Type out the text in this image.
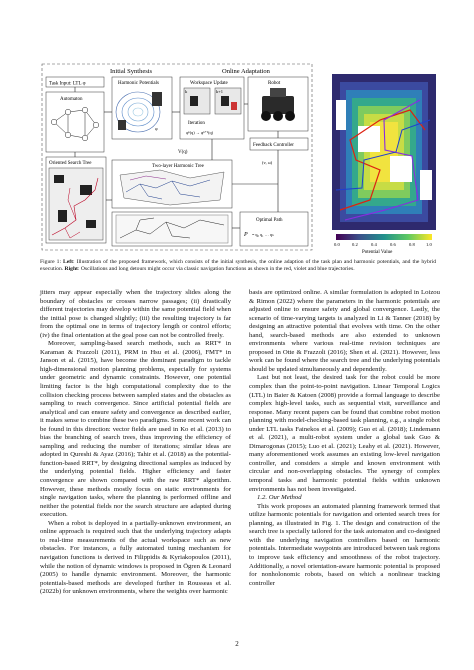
Initial Synthesis	Online Adaptation
Task Input: LTL φ
Automaton
Harmonic Potentials
φ
V(q)
Oriented Search Tree
Two-layer Harmonic Tree
Workspace Update
k	k+1
Iteration
φᵏ(q) → φᵏ⁺¹(q)
Robot
Feedback Controller
(v, ω)
Optimal Path
P = q₀ q₁ … qₙ
0.0	0.2	0.4	0.6	0.8 1.0
Potential Value
Figure 1: Left: Illustration of the proposed framework, which consists of the initial synthesis, the online adaption of the task plan and harmonic potentials, and the hybrid execution. Right: Oscillations and long detours might occur via classic navigation functions as shown in the red, violet and blue trajectories.

jitters may appear especially when the trajectory slides along the boundary of obstacles or crosses narrow passages; (ii) drastically different trajectories may develop within the same potential field when the initial pose is changed slightly; (iii) the resulting trajectory is far from the optimal one in terms of trajectory length or control efforts; (iv) the final orientation at the goal pose can not be controlled freely.

Moreover, sampling-based search methods, such as RRT* in Karaman & Frazzoli (2011), PRM in Hsu et al. (2006), FMT* in Janson et al. (2015), have become the dominant paradigm to tackle high-dimensional motion planning problems, especially for systems under geometric and dynamic constraints. However, one potential limiting factor is the high computational complexity due to the collision checking process between sampled states and the obstacles as sampling to reach convergence. Since artificial potential fields are analytical and can ensure safety and convergence as described earlier, it makes sense to combine these two paradigms. Some recent work can be found in this direction: vector fields are used in Ko et al. (2013) to bias the branching of search trees, thus improving the efficiency of sampling and reducing the number of iterations; similar ideas are adopted in Qureshi & Ayaz (2016); Tahir et al. (2018) as the potential-function-based RRT*, by designing directional samples as induced by the underlying potential fields. Higher efficiency and faster convergence are shown compared with the raw RRT* algorithm. However, these methods mostly focus on static environments for single navigation tasks, where the planning is performed offline and neither the potential fields nor the search structure are adapted during execution.

When a robot is deployed in a partially-unknown environment, an online approach is required such that the underlying trajectory adapts to real-time measurements of the actual workspace such as new obstacles. For instances, a fully automated tuning mechanism for navigation functions is derived in Filippidis & Kyriakopoulos (2011), while the notion of dynamic windows is proposed in Ögren & Leonard (2005) to handle dynamic environment. Moreover, the harmonic potentials-based methods are developed further in Rousseas et al. (2022b) for unknown environments, where the weights over harmonic

basis are optimized online. A similar formulation is adopted in Loizou & Rimon (2022) where the parameters in the harmonic potentials are adjusted online to ensure safety and global convergence. Lastly, the scenario of time-varying targets is analyzed in Li & Tanner (2018) by designing an attractive potential that evolves with time. On the other hand, search-based methods are also extended to unknown environments where various real-time revision techniques are proposed in Otte & Frazzoli (2016); Shen et al. (2021). However, less work can be found where the search tree and the underlying potentials should be updated simultaneously and dependently.

Last but not least, the desired task for the robot could be more complex than the point-to-point navigation. Linear Temporal Logics (LTL) in Baier & Katoen (2008) provide a formal language to describe complex high-level tasks, such as sequential visit, surveillance and response. Many recent papers can be found that combine robot motion planning with model-checking-based task planning, e.g., a single robot under LTL tasks Fainekos et al. (2009); Guo et al. (2018); Lindemann et al. (2021), a multi-robot system under a global task Guo & Dimarogonas (2015); Luo et al. (2021); Leahy et al. (2021). However, many aforementioned work assumes an existing low-level navigation controller, and considers a simple and known environment with circular and non-overlapping obstacles. The synergy of complex temporal tasks and harmonic potential fields within unknown environments has not been investigated.

1.2. Our Method

This work proposes an automated planning framework termed that utilize harmonic potentials for navigation and oriented search trees for planning, as illustrated in Fig. 1. The design and construction of the search tree is specially tailored for the task automaton and co-designed with the underlying navigation controllers based on harmonic potentials. Intermediate waypoints are introduced between task regions to improve task efficiency and smoothness of the robot trajectory. Additionally, a novel orientation-aware harmonic potential is proposed for nonholonomic robots, based on which a nonlinear tracking controller

2
